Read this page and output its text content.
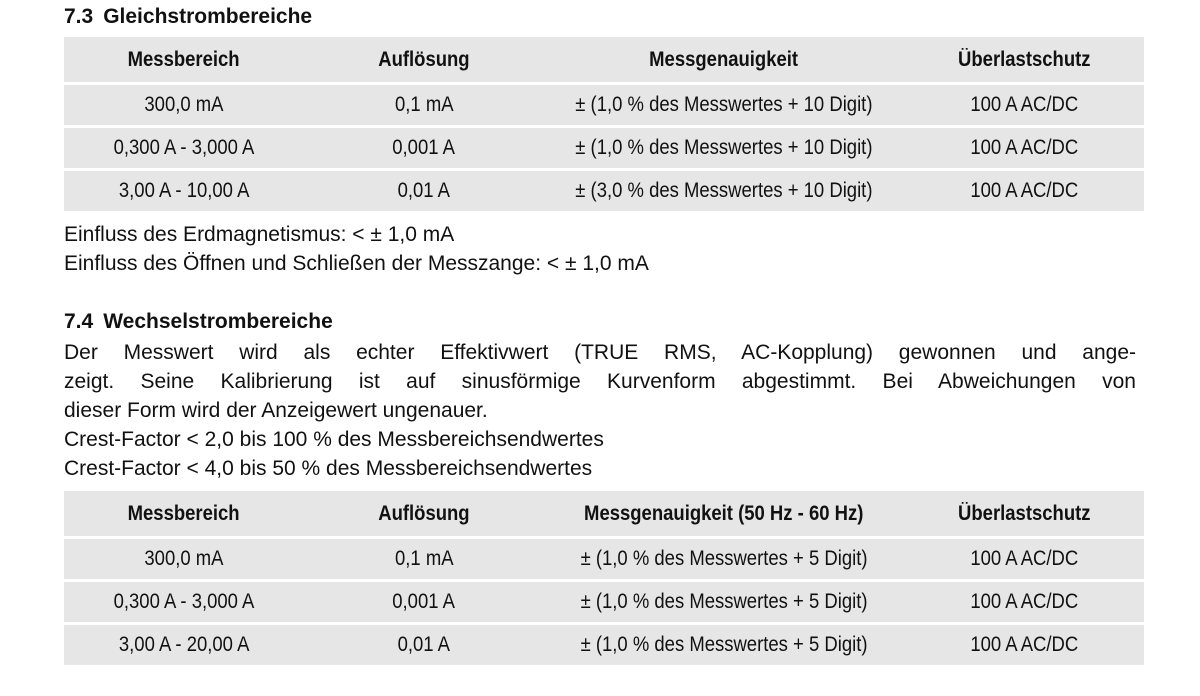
7.3 Gleichstrombereiche
Messbereich	Auflösung	Messgenauigkeit	Überlastschutz
300,0 mA	0,1 mA	± (1,0 % des Messwertes + 10 Digit)	100 A AC/DC
0,300 A - 3,000 A	0,001 A	± (1,0 % des Messwertes + 10 Digit)	100 A AC/DC
3,00 A - 10,00 A	0,01 A	± (3,0 % des Messwertes + 10 Digit)	100 A AC/DC
Einfluss des Erdmagnetismus: < ± 1,0 mA
Einfluss des Öffnen und Schließen der Messzange: < ± 1,0 mA
7.4 Wechselstrombereiche
Der Messwert wird als echter Effektivwert (TRUE RMS, AC-Kopplung) gewonnen und ange-
zeigt. Seine Kalibrierung ist auf sinusförmige Kurvenform abgestimmt. Bei Abweichungen von
dieser Form wird der Anzeigewert ungenauer.
Crest-Factor < 2,0 bis 100 % des Messbereichsendwertes
Crest-Factor < 4,0 bis 50 % des Messbereichsendwertes
Messbereich	Auflösung	Messgenauigkeit (50 Hz - 60 Hz)	Überlastschutz
300,0 mA	0,1 mA	± (1,0 % des Messwertes + 5 Digit)	100 A AC/DC
0,300 A - 3,000 A	0,001 A	± (1,0 % des Messwertes + 5 Digit)	100 A AC/DC
3,00 A - 20,00 A	0,01 A	± (1,0 % des Messwertes + 5 Digit)	100 A AC/DC
